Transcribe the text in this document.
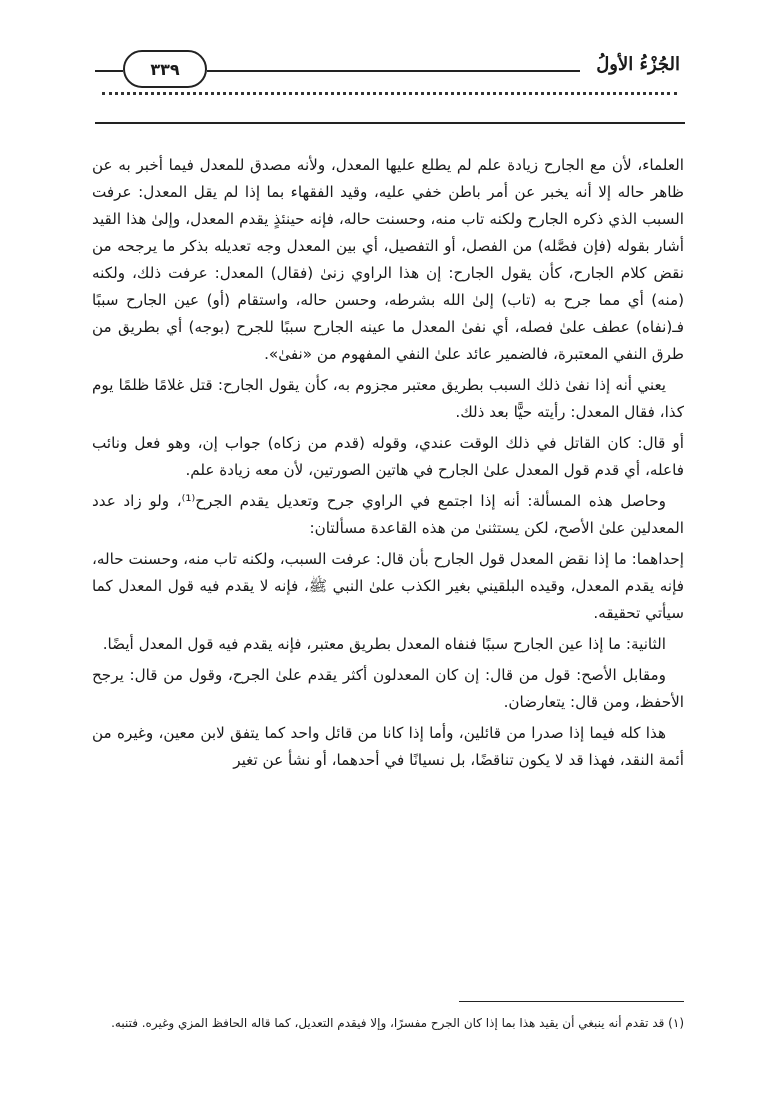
٣٣٩	الجُزْءُ الأولُ

العلماء، لأن مع الجارح زيادة علم لم يطلع عليها المعدل، ولأنه مصدق للمعدل فيما أخبر به عن ظاهر حاله إلا أنه يخبر عن أمر باطن خفي عليه، وقيد الفقهاء بما إذا لم يقل المعدل: عرفت السبب الذي ذكره الجارح ولكنه تاب منه، وحسنت حاله، فإنه حينئذٍ يقدم المعدل، وإلىٰ هذا القيد أشار بقوله (فإن فصَّله) من الفصل، أو التفصيل، أي بين المعدل وجه تعديله بذكر ما يرجحه من نقض كلام الجارح، كأن يقول الجارح: إن هذا الراوي زنىٰ (فقال) المعدل: عرفت ذلك، ولكنه (منه) أي مما جرح به (تاب) إلىٰ الله بشرطه، وحسن حاله، واستقام (أو) عين الجارح سببًا فـ(نفاه) عطف علىٰ فصله، أي نفىٰ المعدل ما عينه الجارح سببًا للجرح (بوجه) أي بطريق من طرق النفي المعتبرة، فالضمير عائد علىٰ النفي المفهوم من «نفىٰ».

يعني أنه إذا نفىٰ ذلك السبب بطريق معتبر مجزوم به، كأن يقول الجارح: قتل غلامًا ظلمًا يوم كذا، فقال المعدل: رأيته حيًّا بعد ذلك.

أو قال: كان القاتل في ذلك الوقت عندي، وقوله (قدم من زكاه) جواب إن، وهو فعل ونائب فاعله، أي قدم قول المعدل علىٰ الجارح في هاتين الصورتين، لأن معه زيادة علم.

وحاصل هذه المسألة: أنه إذا اجتمع في الراوي جرح وتعديل يقدم الجرح⁽¹⁾، ولو زاد عدد المعدلين علىٰ الأصح، لكن يستثنىٰ من هذه القاعدة مسألتان:

إحداهما: ما إذا نقض المعدل قول الجارح بأن قال: عرفت السبب، ولكنه تاب منه، وحسنت حاله، فإنه يقدم المعدل، وقيده البلقيني بغير الكذب علىٰ النبي ﷺ، فإنه لا يقدم فيه قول المعدل كما سيأتي تحقيقه.

الثانية: ما إذا عين الجارح سببًا فنفاه المعدل بطريق معتبر، فإنه يقدم فيه قول المعدل أيضًا.

ومقابل الأصح: قول من قال: إن كان المعدلون أكثر يقدم علىٰ الجرح، وقول من قال: يرجح الأحفظ، ومن قال: يتعارضان.

هذا كله فيما إذا صدرا من قائلين، وأما إذا كانا من قائل واحد كما يتفق لابن معين، وغيره من أئمة النقد، فهذا قد لا يكون تناقضًا، بل نسيانًا في أحدهما، أو نشأ عن تغير

(١) قد تقدم أنه ينبغي أن يقيد هذا بما إذا كان الجرح مفسرًا، وإلا فيقدم التعديل، كما قاله الحافظ المزي وغيره. فتنبه.
